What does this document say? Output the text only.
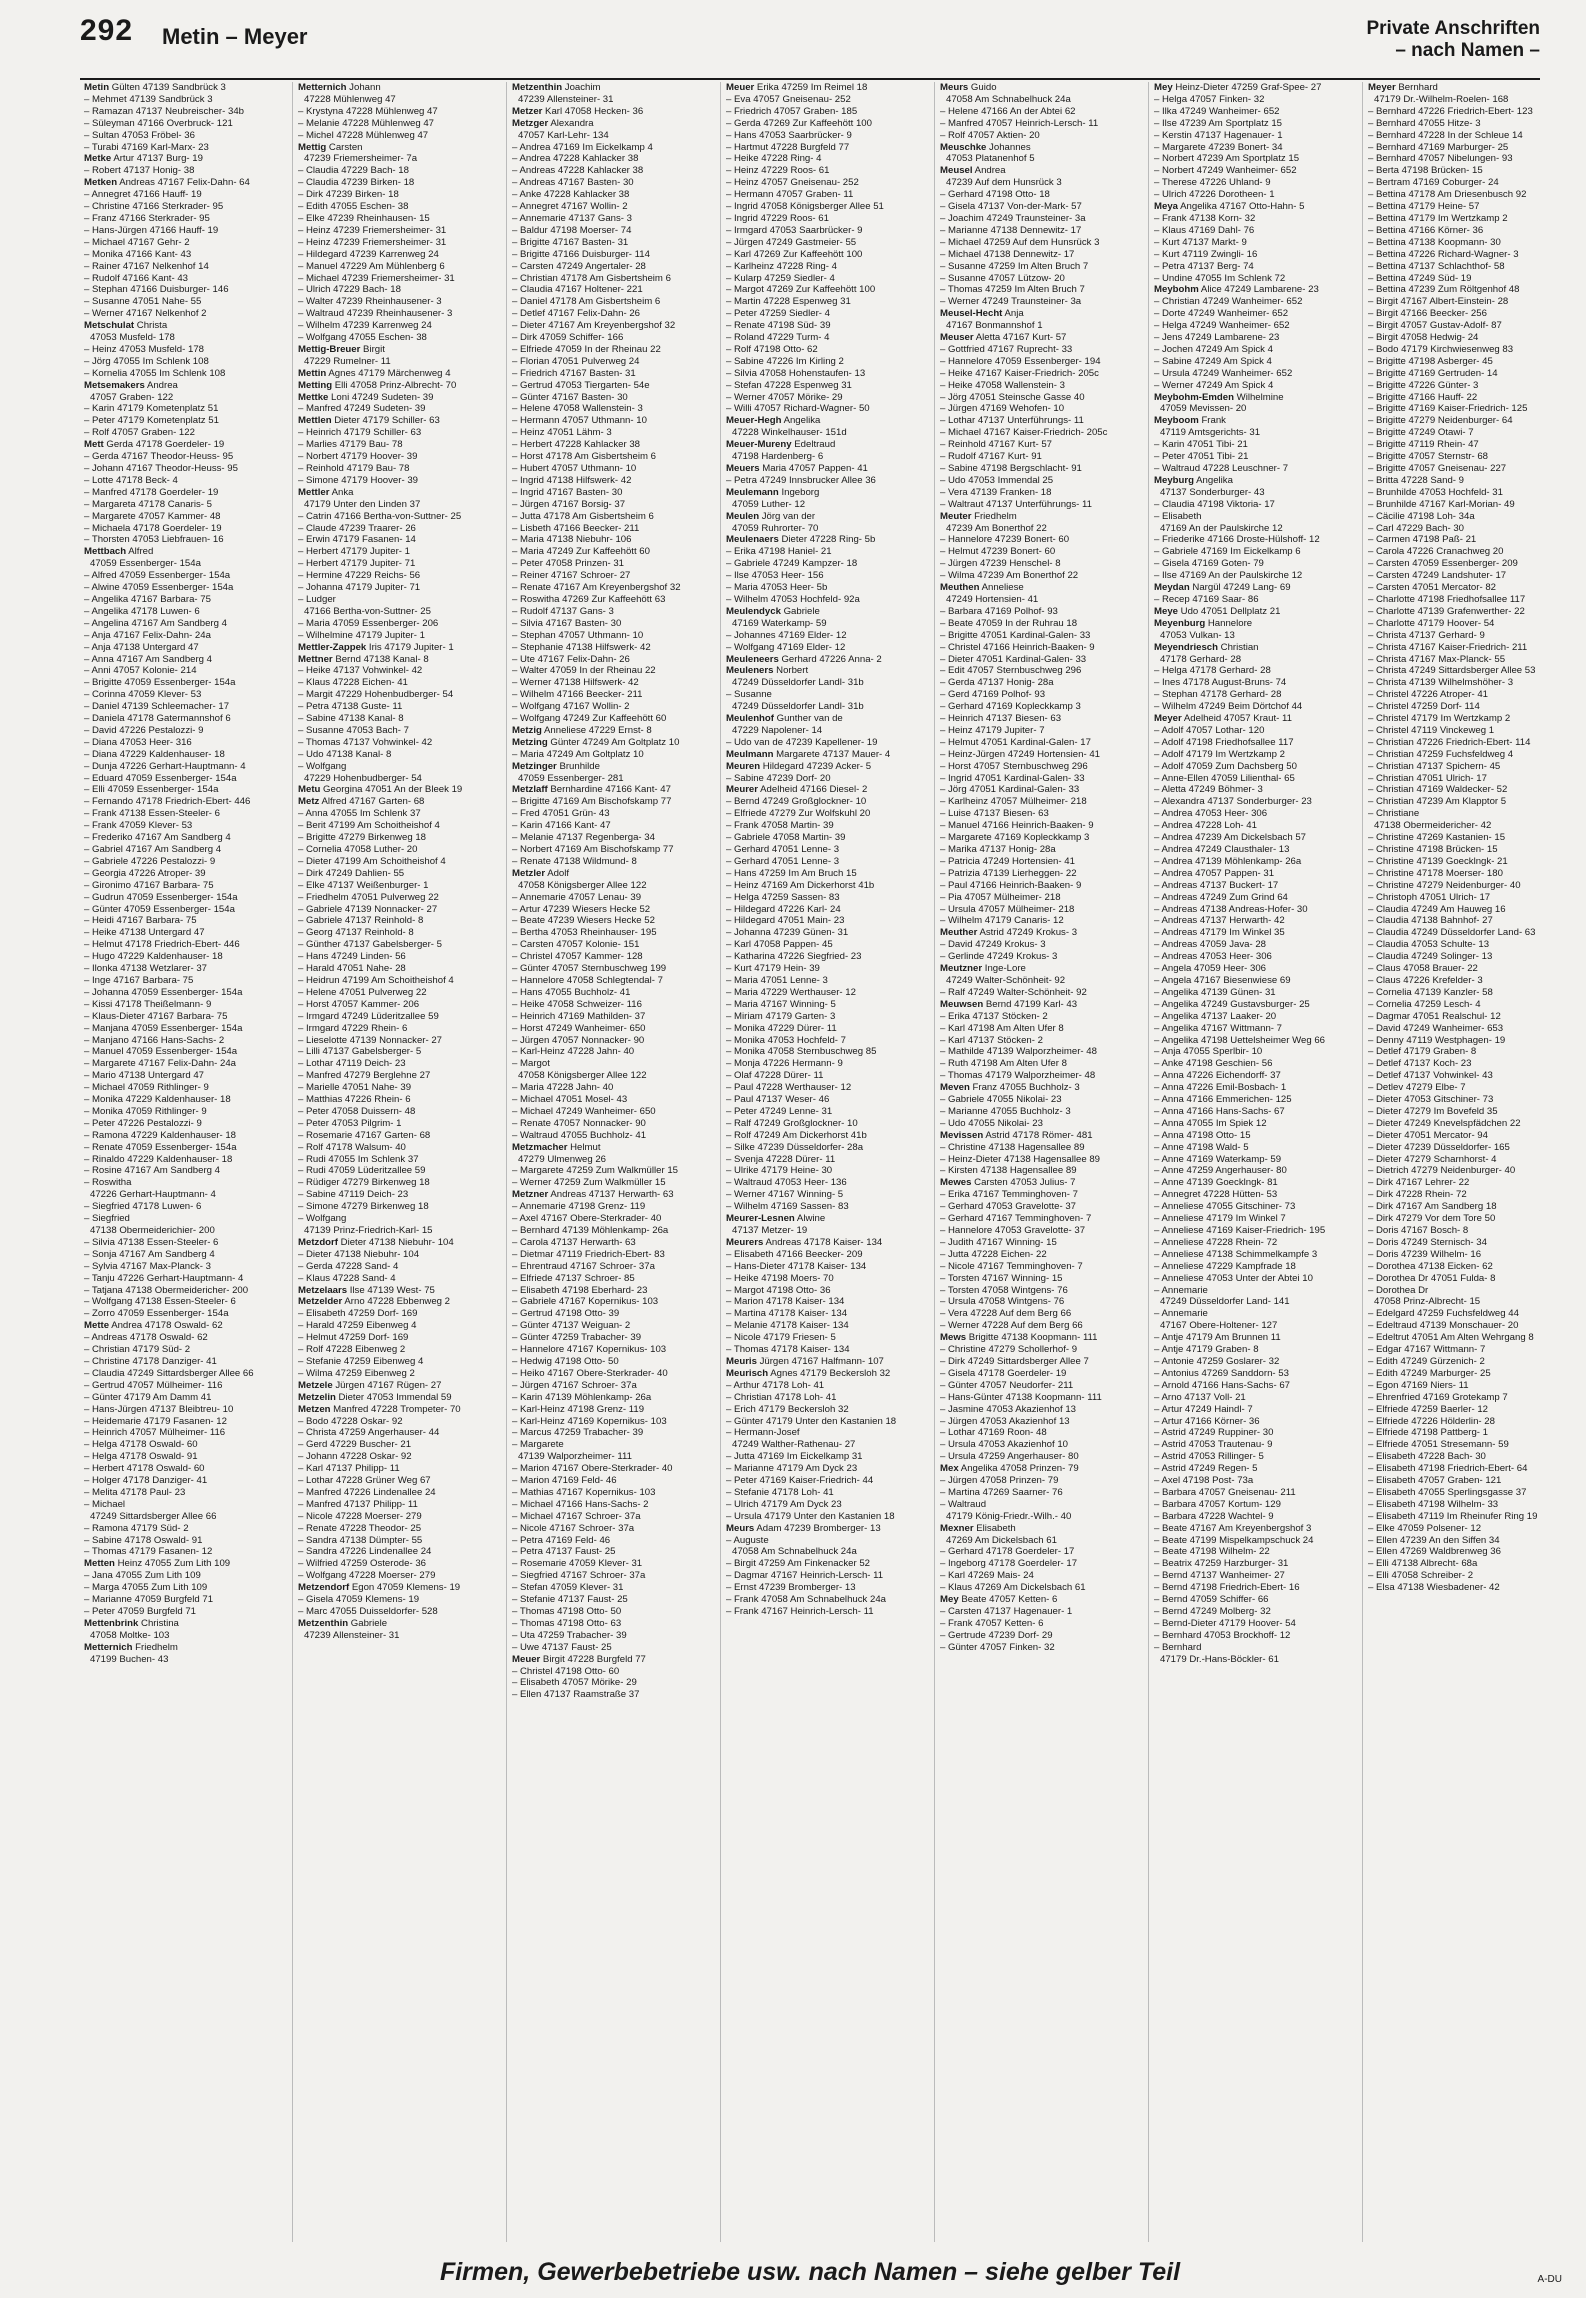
292 Metin – Meyer	Private Anschriften
– nach Namen –
Metin Gülten 47139 Sandbrück 3
– Mehmet 47139 Sandbrück 3
– Ramazan 47137 Neubreischer- 34b
– Süleyman 47166 Overbruck- 121
– Sultan 47053 Fröbel- 36
– Turabi 47169 Karl-Marx- 23
Metke Artur 47137 Burg- 19
– Robert 47137 Honig- 38
Metken Andreas 47167 Felix-Dahn- 64
– Annegret 47166 Hauff- 19
– Christine 47166 Sterkrader- 95
– Franz 47166 Sterkrader- 95
– Hans-Jürgen 47166 Hauff- 19
– Michael 47167 Gehr- 2
– Monika 47166 Kant- 43
– Rainer 47167 Nelkenhof 14
– Rudolf 47166 Kant- 43
– Stephan 47166 Duisburger- 146
– Susanne 47051 Nahe- 55
– Werner 47167 Nelkenhof 2
Metschulat Christa
47053 Musfeld- 178
– Heinz 47053 Musfeld- 178
– Jörg 47055 Im Schlenk 108
– Kornelia 47055 Im Schlenk 108
Metsemakers Andrea
47057 Graben- 122
– Karin 47179 Kometenplatz 51
– Peter 47179 Kometenplatz 51
– Rolf 47057 Graben- 122
Mett Gerda 47178 Goerdeler- 19
– Gerda 47167 Theodor-Heuss- 95
– Johann 47167 Theodor-Heuss- 95
– Lotte 47178 Beck- 4
– Manfred 47178 Goerdeler- 19
– Margareta 47178 Canaris- 5
– Margarete 47057 Kammer- 48
– Michaela 47178 Goerdeler- 19
– Thorsten 47053 Liebfrauen- 16
Mettbach Alfred
47059 Essenberger- 154a
– Alfred 47059 Essenberger- 154a
– Alwine 47059 Essenberger- 154a
– Angelika 47167 Barbara- 75
– Angelika 47178 Luwen- 6
– Angelina 47167 Am Sandberg 4
– Anja 47167 Felix-Dahn- 24a
– Anja 47138 Untergard 47
– Anna 47167 Am Sandberg 4
– Anni 47057 Kolonie- 214
– Brigitte 47059 Essenberger- 154a
– Corinna 47059 Klever- 53
– Daniel 47139 Schleemacher- 17
– Daniela 47178 Gatermannshof 6
– David 47226 Pestalozzi- 9
– Diana 47053 Heer- 316
– Diana 47229 Kaldenhauser- 18
– Dunja 47226 Gerhart-Hauptmann- 4
– Eduard 47059 Essenberger- 154a
– Elli 47059 Essenberger- 154a
– Fernando 47178 Friedrich-Ebert- 446
– Frank 47138 Essen-Steeler- 6
– Frank 47059 Klever- 53
– Frederiko 47167 Am Sandberg 4
– Gabriel 47167 Am Sandberg 4
– Gabriele 47226 Pestalozzi- 9
– Georgia 47226 Atroper- 39
– Gironimo 47167 Barbara- 75
– Gudrun 47059 Essenberger- 154a
– Günter 47059 Essenberger- 154a
– Heidi 47167 Barbara- 75
– Heike 47138 Untergard 47
– Helmut 47178 Friedrich-Ebert- 446
– Hugo 47229 Kaldenhauser- 18
– Ilonka 47138 Wetzlarer- 37
– Inge 47167 Barbara- 75
– Johanna 47059 Essenberger- 154a
– Kissi 47178 Theißelmann- 9
– Klaus-Dieter 47167 Barbara- 75
– Manjana 47059 Essenberger- 154a
– Manjano 47166 Hans-Sachs- 2
– Manuel 47059 Essenberger- 154a
– Margarete 47167 Felix-Dahn- 24a
– Mario 47138 Untergard 47
– Michael 47059 Rithlinger- 9
– Monika 47229 Kaldenhauser- 18
– Monika 47059 Rithlinger- 9
– Peter 47226 Pestalozzi- 9
– Ramona 47229 Kaldenhauser- 18
– Renate 47059 Essenberger- 154a
– Rinaldo 47229 Kaldenhauser- 18
– Rosine 47167 Am Sandberg 4
– Roswitha
47226 Gerhart-Hauptmann- 4
– Siegfried 47178 Luwen- 6
– Siegfried
47138 Obermeiderichier- 200
– Silvia 47138 Essen-Steeler- 6
– Sonja 47167 Am Sandberg 4
– Sylvia 47167 Max-Planck- 3
– Tanju 47226 Gerhart-Hauptmann- 4
– Tatjana 47138 Obermeidericher- 200
– Wolfgang 47138 Essen-Steeler- 6
– Zorro 47059 Essenberger- 154a
Mette Andrea 47178 Oswald- 62
– Andreas 47178 Oswald- 62
– Christian 47179 Süd- 2
– Christine 47178 Danziger- 41
– Claudia 47249 Sittardsberger Allee 66
– Gertrud 47057 Mülheimer- 116
– Günter 47179 Am Damm 41
– Hans-Jürgen 47137 Bleibtreu- 10
– Heidemarie 47179 Fasanen- 12
– Heinrich 47057 Mülheimer- 116
– Helga 47178 Oswald- 60
– Helga 47178 Oswald- 91
– Herbert 47178 Oswald- 60
– Holger 47178 Danziger- 41
– Melita 47178 Paul- 23
– Michael
47249 Sittardsberger Allee 66
– Ramona 47179 Süd- 2
– Sabine 47178 Oswald- 91
– Thomas 47179 Fasanen- 12
Metten Heinz 47055 Zum Lith 109
– Jana 47055 Zum Lith 109
– Marga 47055 Zum Lith 109
– Marianne 47059 Burgfeld 71
– Peter 47059 Burgfeld 71
Mettenbrink Christina
47058 Moltke- 103
Metternich Friedhelm
47199 Buchen- 43
Metternich Johann
47228 Mühlenweg 47
– Krystyna 47228 Mühlenweg 47
– Melanie 47228 Mühlenweg 47
– Michel 47228 Mühlenweg 47
Mettig Carsten
47239 Friemersheimer- 7a
– Claudia 47229 Bach- 18
– Claudia 47239 Birken- 18
– Dirk 47239 Birken- 18
– Edith 47055 Eschen- 38
– Elke 47239 Rheinhausen- 15
– Heinz 47239 Friemersheimer- 31
– Heinz 47239 Friemersheimer- 31
– Hildegard 47239 Karrenweg 24
– Manuel 47229 Am Mühlenberg 6
– Michael 47239 Friemersheimer- 31
– Ulrich 47229 Bach- 18
– Walter 47239 Rheinhausener- 3
– Waltraud 47239 Rheinhausener- 3
– Wilhelm 47239 Karrenweg 24
– Wolfgang 47055 Eschen- 38
Mettig-Breuer Birgit
47229 Rumelner- 11
Mettin Agnes 47179 Märchenweg 4
Metting Elli 47058 Prinz-Albrecht- 70
Mettke Loni 47249 Sudeten- 39
– Manfred 47249 Sudeten- 39
Mettlen Dieter 47179 Schiller- 63
– Heinrich 47179 Schiller- 63
– Marlies 47179 Bau- 78
– Norbert 47179 Hoover- 39
– Reinhold 47179 Bau- 78
– Simone 47179 Hoover- 39
Mettler Anka
47179 Unter den Linden 37
– Catrin 47166 Bertha-von-Suttner- 25
– Claude 47239 Traarer- 26
– Erwin 47179 Fasanen- 14
– Herbert 47179 Jupiter- 1
– Herbert 47179 Jupiter- 71
– Hermine 47229 Reichs- 56
– Johanna 47179 Jupiter- 71
– Ludger
47166 Bertha-von-Suttner- 25
– Maria 47059 Essenberger- 206
– Wilhelmine 47179 Jupiter- 1
Mettler-Zappek Iris 47179 Jupiter- 1
Mettner Bernd 47138 Kanal- 8
– Heike 47137 Vohwinkel- 42
– Klaus 47228 Eichen- 41
– Margit 47229 Hohenbudberger- 54
– Petra 47138 Guste- 11
– Sabine 47138 Kanal- 8
– Susanne 47053 Bach- 7
– Thomas 47137 Vohwinkel- 42
– Udo 47138 Kanal- 8
– Wolfgang
47229 Hohenbudberger- 54
Metu Georgina 47051 An der Bleek 19
Metz Alfred 47167 Garten- 68
– Anna 47055 Im Schlenk 37
– Berit 47199 Am Schoitheishof 4
– Brigitte 47279 Birkenweg 18
– Cornelia 47058 Luther- 20
– Dieter 47199 Am Schoitheishof 4
– Dirk 47249 Dahlien- 55
– Elke 47137 Weißenburger- 1
– Friedhelm 47051 Pulverweg 22
– Gabriele 47139 Nonnacker- 27
– Gabriele 47137 Reinhold- 8
– Georg 47137 Reinhold- 8
– Günther 47137 Gabelsberger- 5
– Hans 47249 Linden- 56
– Harald 47051 Nahe- 28
– Heidrun 47199 Am Schoitheishof 4
– Helene 47051 Pulverweg 22
– Horst 47057 Kammer- 206
– Irmgard 47249 Lüderitzallee 59
– Irmgard 47229 Rhein- 6
– Lieselotte 47139 Nonnacker- 27
– Lilli 47137 Gabelsberger- 5
– Lothar 47119 Deich- 23
– Manfred 47279 Berglehne 27
– Marielle 47051 Nahe- 39
– Matthias 47226 Rhein- 6
– Peter 47058 Duissern- 48
– Peter 47053 Pilgrim- 1
– Rosemarie 47167 Garten- 68
– Rolf 47178 Walsum- 40
– Rudi 47055 Im Schlenk 37
– Rudi 47059 Lüderitzallee 59
– Rüdiger 47279 Birkenweg 18
– Sabine 47119 Deich- 23
– Simone 47279 Birkenweg 18
– Wolfgang
47139 Prinz-Friedrich-Karl- 15
Metzdorf Dieter 47138 Niebuhr- 104
– Dieter 47138 Niebuhr- 104
– Gerda 47228 Sand- 4
– Klaus 47228 Sand- 4
Metzelaars Ilse 47139 West- 75
Metzelder Arno 47228 Ebbenweg 2
– Elisabeth 47259 Dorf- 169
– Harald 47259 Eibenweg 4
– Helmut 47259 Dorf- 169
– Rolf 47228 Eibenweg 2
– Stefanie 47259 Eibenweg 4
– Wilma 47259 Eibenweg 2
Metzele Jürgen 47167 Rügen- 27
Metzelin Dieter 47053 Immendal 59
Metzen Manfred 47228 Trompeter- 70
– Bodo 47228 Oskar- 92
– Christa 47259 Angerhauser- 44
– Gerd 47229 Buscher- 21
– Johann 47228 Oskar- 92
– Karl 47137 Philipp- 11
– Lothar 47228 Grüner Weg 67
– Manfred 47226 Lindenallee 24
– Manfred 47137 Philipp- 11
– Nicole 47228 Moerser- 279
– Renate 47228 Theodor- 25
– Sandra 47138 Dümpter- 55
– Sandra 47226 Lindenallee 24
– Wilfried 47259 Osterode- 36
– Wolfgang 47228 Moerser- 279
Metzendorf Egon 47059 Klemens- 19
– Gisela 47059 Klemens- 19
– Marc 47055 Duisseldorfer- 528
Metzenthin Gabriele
47239 Allensteiner- 31
Metzenthin Joachim
47239 Allensteiner- 31
Metzer Karl 47058 Hecken- 36
Metzger Alexandra
47057 Karl-Lehr- 134
– Andrea 47169 Im Eickelkamp 4
– Andrea 47228 Kahlacker 38
– Andreas 47228 Kahlacker 38
– Andreas 47167 Basten- 30
– Anke 47228 Kahlacker 38
– Annegret 47167 Wollin- 2
– Annemarie 47137 Gans- 3
– Baldur 47198 Moerser- 74
– Brigitte 47167 Basten- 31
– Brigitte 47166 Duisburger- 114
– Carsten 47249 Angertaler- 28
– Christian 47178 Am Gisbertsheim 6
– Claudia 47167 Holtener- 221
– Daniel 47178 Am Gisbertsheim 6
– Detlef 47167 Felix-Dahn- 26
– Dieter 47167 Am Kreyenbergshof 32
– Dirk 47059 Schiffer- 166
– Elfriede 47059 In der Rheinau 22
– Florian 47051 Pulverweg 24
– Friedrich 47167 Basten- 31
– Gertrud 47053 Tiergarten- 54e
– Günter 47167 Basten- 30
– Helene 47058 Wallenstein- 3
– Hermann 47057 Uthmann- 10
– Heinz 47051 Lähm- 3
– Herbert 47228 Kahlacker 38
– Horst 47178 Am Gisbertsheim 6
– Hubert 47057 Uthmann- 10
– Ingrid 47138 Hilfswerk- 42
– Ingrid 47167 Basten- 30
– Jürgen 47167 Borsig- 37
– Jutta 47178 Am Gisbertsheim 6
– Lisbeth 47166 Beecker- 211
– Maria 47138 Niebuhr- 106
– Maria 47249 Zur Kaffeehött 60
– Peter 47058 Prinzen- 31
– Reiner 47167 Schroer- 27
– Renate 47167 Am Kreyenbergshof 32
– Roswitha 47269 Zur Kaffeehött 63
– Rudolf 47137 Gans- 3
– Silvia 47167 Basten- 30
– Stephan 47057 Uthmann- 10
– Stephanie 47138 Hilfswerk- 42
– Ute 47167 Felix-Dahn- 26
– Walter 47059 In der Rheinau 22
– Werner 47138 Hilfswerk- 42
– Wilhelm 47166 Beecker- 211
– Wolfgang 47167 Wollin- 2
– Wolfgang 47249 Zur Kaffeehött 60
Metzig Anneliese 47229 Ernst- 8
Metzing Günter 47249 Am Goltplatz 10
– Maria 47249 Am Goltplatz 10
Metzinger Brunhilde
47059 Essenberger- 281
Metzlaff Bernhardine 47166 Kant- 47
– Brigitte 47169 Am Bischofskamp 77
– Fred 47051 Grün- 43
– Karin 47166 Kant- 47
– Melanie 47137 Regenberga- 34
– Norbert 47169 Am Bischofskamp 77
– Renate 47138 Wildmund- 8
Metzler Adolf
47058 Königsberger Allee 122
– Annemarie 47057 Lenau- 39
– Artur 47239 Wiesers Hecke 52
– Beate 47239 Wiesers Hecke 52
– Bertha 47053 Rheinhauser- 195
– Carsten 47057 Kolonie- 151
– Christel 47057 Kammer- 128
– Günter 47057 Sternbuschweg 199
– Hannelore 47058 Schlegtendal- 7
– Hans 47055 Buchholz- 41
– Heike 47058 Schweizer- 116
– Heinrich 47169 Mathilden- 37
– Horst 47249 Wanheimer- 650
– Jürgen 47057 Nonnacker- 90
– Karl-Heinz 47228 Jahn- 40
– Margot
47058 Königsberger Allee 122
– Maria 47228 Jahn- 40
– Michael 47051 Mosel- 43
– Michael 47249 Wanheimer- 650
– Renate 47057 Nonnacker- 90
– Waltraud 47055 Buchholz- 41
Metzmacher Helmut
47279 Ulmenweg 26
– Margarete 47259 Zum Walkmüller 15
– Werner 47259 Zum Walkmüller 15
Metzner Andreas 47137 Herwarth- 63
– Annemarie 47198 Grenz- 119
– Axel 47167 Obere-Sterkrader- 40
– Bernhard 47139 Möhlenkamp- 26a
– Carola 47137 Herwarth- 63
– Dietmar 47119 Friedrich-Ebert- 83
– Ehrentraud 47167 Schroer- 37a
– Elfriede 47137 Schroer- 85
– Elisabeth 47198 Eberhard- 23
– Gabriele 47167 Kopernikus- 103
– Gertrud 47198 Otto- 39
– Günter 47137 Weiguan- 2
– Günter 47259 Trabacher- 39
– Hannelore 47167 Kopernikus- 103
– Hedwig 47198 Otto- 50
– Heiko 47167 Obere-Sterkrader- 40
– Jürgen 47167 Schroer- 37a
– Karin 47139 Möhlenkamp- 26a
– Karl-Heinz 47198 Grenz- 119
– Karl-Heinz 47169 Kopernikus- 103
– Marcus 47259 Trabacher- 39
– Margarete
47139 Walporzheimer- 111
– Marion 47167 Obere-Sterkrader- 40
– Marion 47169 Feld- 46
– Mathias 47167 Kopernikus- 103
– Michael 47166 Hans-Sachs- 2
– Michael 47167 Schroer- 37a
– Nicole 47167 Schroer- 37a
– Petra 47169 Feld- 46
– Petra 47137 Faust- 25
– Rosemarie 47059 Klever- 31
– Siegfried 47167 Schroer- 37a
– Stefan 47059 Klever- 31
– Stefanie 47137 Faust- 25
– Thomas 47198 Otto- 50
– Thomas 47198 Otto- 63
– Uta 47259 Trabacher- 39
– Uwe 47137 Faust- 25
Meuer Birgit 47228 Burgfeld 77
– Christel 47198 Otto- 60
– Elisabeth 47057 Mörike- 29
– Ellen 47137 Raamstraße 37
Meuer Erika 47259 Im Reimel 18
– Eva 47057 Gneisenau- 252
– Friedrich 47057 Graben- 185
– Gerda 47269 Zur Kaffeehött 100
– Hans 47053 Saarbrücker- 9
– Hartmut 47228 Burgfeld 77
– Heike 47228 Ring- 4
– Heinz 47229 Roos- 61
– Heinz 47057 Gneisenau- 252
– Hermann 47057 Graben- 11
– Ingrid 47058 Königsberger Allee 51
– Ingrid 47229 Roos- 61
– Irmgard 47053 Saarbrücker- 9
– Jürgen 47249 Gastmeier- 55
– Karl 47269 Zur Kaffeehött 100
– Karlheinz 47228 Ring- 4
– Kularp 47259 Siedler- 4
– Margot 47269 Zur Kaffeehött 100
– Martin 47228 Espenweg 31
– Peter 47259 Siedler- 4
– Renate 47198 Süd- 39
– Roland 47229 Turm- 4
– Rolf 47198 Otto- 62
– Sabine 47226 Im Kirling 2
– Silvia 47058 Hohenstaufen- 13
– Stefan 47228 Espenweg 31
– Werner 47057 Mörike- 29
– Willi 47057 Richard-Wagner- 50
Meuer-Hegh Angelika
47228 Winkelhauser- 151d
Meuer-Mureny Edeltraud
47198 Hardenberg- 6
Meuers Maria 47057 Pappen- 41
– Petra 47249 Innsbrucker Allee 36
Meulemann Ingeborg
47059 Luther- 12
Meulen Jörg van der
47059 Ruhrorter- 70
Meulenaers Dieter 47228 Ring- 5b
– Erika 47198 Haniel- 21
– Gabriele 47249 Kampzer- 18
– Ilse 47053 Heer- 156
– Maria 47053 Heer- 5b
– Wilhelm 47053 Hochfeld- 92a
Meulendyck Gabriele
47169 Waterkamp- 59
– Johannes 47169 Elder- 12
– Wolfgang 47169 Elder- 12
Meuleneers Gerhard 47226 Anna- 2
Meuleners Norbert
47249 Düsseldorfer Landl- 31b
– Susanne
47249 Düsseldorfer Landl- 31b
Meulenhof Gunther van de
47229 Napolener- 14
– Udo van de 47239 Kapellener- 19
Meulmann Margarete 47137 Mauer- 4
Meuren Hildegard 47239 Acker- 5
– Sabine 47239 Dorf- 20
Meurer Adelheid 47166 Diesel- 2
– Bernd 47249 Großglockner- 10
– Elfriede 47279 Zur Wolfskuhl 20
– Frank 47058 Martin- 39
– Gabriele 47058 Martin- 39
– Gerhard 47051 Lenne- 3
– Gerhard 47051 Lenne- 3
– Hans 47259 Im Am Bruch 15
– Heinz 47169 Am Dickerhorst 41b
– Helga 47259 Sassen- 83
– Hildegard 47226 Karl- 24
– Hildegard 47051 Main- 23
– Johanna 47239 Günen- 31
– Karl 47058 Pappen- 45
– Katharina 47226 Siegfried- 23
– Kurt 47179 Hein- 39
– Maria 47051 Lenne- 3
– Maria 47229 Werthauser- 12
– Maria 47167 Winning- 5
– Miriam 47179 Garten- 3
– Monika 47229 Dürer- 11
– Monika 47053 Hochfeld- 7
– Monika 47058 Sternbuschweg 85
– Monja 47226 Hermann- 9
– Olaf 47228 Dürer- 11
– Paul 47228 Werthauser- 12
– Paul 47137 Weser- 46
– Peter 47249 Lenne- 31
– Ralf 47249 Großglockner- 10
– Rolf 47249 Am Dickerhorst 41b
– Silke 47239 Düsseldorfer- 28a
– Svenja 47228 Dürer- 11
– Ulrike 47179 Heine- 30
– Waltraud 47053 Heer- 136
– Werner 47167 Winning- 5
– Wilhelm 47169 Sassen- 83
Meurer-Lesnen Alwine
47137 Metzer- 19
Meurers Andreas 47178 Kaiser- 134
– Elisabeth 47166 Beecker- 209
– Hans-Dieter 47178 Kaiser- 134
– Heike 47198 Moers- 70
– Margot 47198 Otto- 36
– Marion 47178 Kaiser- 134
– Martina 47178 Kaiser- 134
– Melanie 47178 Kaiser- 134
– Nicole 47179 Friesen- 5
– Thomas 47178 Kaiser- 134
Meuris Jürgen 47167 Halfmann- 107
Meurisch Agnes 47179 Beckersloh 32
– Arthur 47178 Loh- 41
– Christian 47178 Loh- 41
– Erich 47179 Beckersloh 32
– Günter 47179 Unter den Kastanien 18
– Hermann-Josef
47249 Walther-Rathenau- 27
– Jutta 47169 Im Eickelkamp 31
– Marianne 47179 Am Dyck 23
– Peter 47169 Kaiser-Friedrich- 44
– Stefanie 47178 Loh- 41
– Ulrich 47179 Am Dyck 23
– Ursula 47179 Unter den Kastanien 18
Meurs Adam 47239 Bromberger- 13
– Auguste
47058 Am Schnabelhuck 24a
– Birgit 47259 Am Finkenacker 52
– Dagmar 47167 Heinrich-Lersch- 11
– Ernst 47239 Bromberger- 13
– Frank 47058 Am Schnabelhuck 24a
– Frank 47167 Heinrich-Lersch- 11
Meurs Guido
47058 Am Schnabelhuck 24a
– Helene 47166 An der Abtei 62
– Manfred 47057 Heinrich-Lersch- 11
– Rolf 47057 Aktien- 20
Meuschke Johannes
47053 Platanenhof 5
Meusel Andrea
47239 Auf dem Hunsrück 3
– Gerhard 47198 Otto- 18
– Gisela 47137 Von-der-Mark- 57
– Joachim 47249 Traunsteiner- 3a
– Marianne 47138 Dennewitz- 17
– Michael 47259 Auf dem Hunsrück 3
– Michael 47138 Dennewitz- 17
– Susanne 47259 Im Alten Bruch 7
– Susanne 47057 Lützow- 20
– Thomas 47259 Im Alten Bruch 7
– Werner 47249 Traunsteiner- 3a
Meusel-Hecht Anja
47167 Bonmannshof 1
Meuser Aletta 47167 Kurt- 57
– Gottfried 47167 Ruprecht- 33
– Hannelore 47059 Essenberger- 194
– Heike 47167 Kaiser-Friedrich- 205c
– Heike 47058 Wallenstein- 3
– Jörg 47051 Steinsche Gasse 40
– Jürgen 47169 Wehofen- 10
– Lothar 47137 Unterführungs- 11
– Michael 47167 Kaiser-Friedrich- 205c
– Reinhold 47167 Kurt- 57
– Rudolf 47167 Kurt- 91
– Sabine 47198 Bergschlacht- 91
– Udo 47053 Immendal 25
– Vera 47139 Franken- 18
– Waltraut 47137 Unterführungs- 11
Meuter Friedhelm
47239 Am Bonerthof 22
– Hannelore 47239 Bonert- 60
– Helmut 47239 Bonert- 60
– Jürgen 47239 Henschel- 8
– Wilma 47239 Am Bonerthof 22
Meuthen Anneliese
47249 Hortensien- 41
– Barbara 47169 Polhof- 93
– Beate 47059 In der Ruhrau 18
– Brigitte 47051 Kardinal-Galen- 33
– Christel 47166 Heinrich-Baaken- 9
– Dieter 47051 Kardinal-Galen- 33
– Edit 47057 Sternbuschweg 296
– Gerda 47137 Honig- 28a
– Gerd 47169 Polhof- 93
– Gerhard 47169 Kopleckkamp 3
– Heinrich 47137 Biesen- 63
– Heinz 47179 Jupiter- 7
– Helmut 47051 Kardinal-Galen- 17
– Heinz-Jürgen 47249 Hortensien- 41
– Horst 47057 Sternbuschweg 296
– Ingrid 47051 Kardinal-Galen- 33
– Jörg 47051 Kardinal-Galen- 33
– Karlheinz 47057 Mülheimer- 218
– Luise 47137 Biesen- 63
– Manuel 47166 Heinrich-Baaken- 9
– Margarete 47169 Kopleckkamp 3
– Marika 47137 Honig- 28a
– Patricia 47249 Hortensien- 41
– Patrizia 47139 Lierheggen- 22
– Paul 47166 Heinrich-Baaken- 9
– Pia 47057 Mülheimer- 218
– Ursula 47057 Mülheimer- 218
– Wilhelm 47179 Canaris- 12
Meuther Astrid 47249 Krokus- 3
– David 47249 Krokus- 3
– Gerlinde 47249 Krokus- 3
Meutzner Inge-Lore
47249 Walter-Schönheit- 92
– Ralf 47249 Walter-Schönheit- 92
Meuwsen Bernd 47199 Karl- 43
– Erika 47137 Stöcken- 2
– Karl 47198 Am Alten Ufer 8
– Karl 47137 Stöcken- 2
– Mathilde 47139 Walporzheimer- 48
– Ruth 47198 Am Alten Ufer 8
– Thomas 47179 Walporzheimer- 48
Meven Franz 47055 Buchholz- 3
– Gabriele 47055 Nikolai- 23
– Marianne 47055 Buchholz- 3
– Udo 47055 Nikolai- 23
Mevissen Astrid 47178 Römer- 481
– Christine 47138 Hagensallee 89
– Heinz-Dieter 47138 Hagensallee 89
– Kirsten 47138 Hagensallee 89
Mewes Carsten 47053 Julius- 7
– Erika 47167 Temminghoven- 7
– Gerhard 47053 Gravelotte- 37
– Gerhard 47167 Temminghoven- 7
– Hannelore 47053 Gravelotte- 37
– Judith 47167 Winning- 15
– Jutta 47228 Eichen- 22
– Nicole 47167 Temminghoven- 7
– Torsten 47167 Winning- 15
– Torsten 47058 Wintgens- 76
– Ursula 47058 Wintgens- 76
– Vera 47228 Auf dem Berg 66
– Werner 47228 Auf dem Berg 66
Mews Brigitte 47138 Koopmann- 111
– Christine 47279 Schollerhof- 9
– Dirk 47249 Sittardsberger Allee 7
– Gisela 47178 Goerdeler- 19
– Günter 47057 Neudorfer- 211
– Hans-Günter 47138 Koopmann- 111
– Jasmine 47053 Akazienhof 13
– Jürgen 47053 Akazienhof 13
– Lothar 47169 Roon- 48
– Ursula 47053 Akazienhof 10
– Ursula 47259 Angerhauser- 80
Mex Angelika 47058 Prinzen- 79
– Jürgen 47058 Prinzen- 79
– Martina 47269 Saarner- 76
– Waltraud
47179 König-Friedr.-Wilh.- 40
Mexner Elisabeth
47269 Am Dickelsbach 61
– Gerhard 47178 Goerdeler- 17
– Ingeborg 47178 Goerdeler- 17
– Karl 47269 Mais- 24
– Klaus 47269 Am Dickelsbach 61
Mey Beate 47057 Ketten- 6
– Carsten 47137 Hagenauer- 1
– Frank 47057 Ketten- 6
– Gertrude 47239 Dorf- 29
– Günter 47057 Finken- 32
Mey Heinz-Dieter 47259 Graf-Spee- 27
– Helga 47057 Finken- 32
– Ilka 47249 Wanheimer- 652
– Ilse 47239 Am Sportplatz 15
– Kerstin 47137 Hagenauer- 1
– Margarete 47239 Bonert- 34
– Norbert 47239 Am Sportplatz 15
– Norbert 47249 Wanheimer- 652
– Therese 47226 Uhland- 9
– Ulrich 47226 Dorotheen- 1
Meya Angelika 47167 Otto-Hahn- 5
– Frank 47138 Korn- 32
– Klaus 47169 Dahl- 76
– Kurt 47137 Markt- 9
– Kurt 47119 Zwingli- 16
– Petra 47137 Berg- 74
– Undine 47055 Im Schlenk 72
Meybohm Alice 47249 Lambarene- 23
– Christian 47249 Wanheimer- 652
– Dorte 47249 Wanheimer- 652
– Helga 47249 Wanheimer- 652
– Jens 47249 Lambarene- 23
– Jochen 47249 Am Spick 4
– Sabine 47249 Am Spick 4
– Ursula 47249 Wanheimer- 652
– Werner 47249 Am Spick 4
Meybohm-Emden Wilhelmine
47059 Mevissen- 20
Meyboom Frank
47119 Amtsgerichts- 31
– Karin 47051 Tibi- 21
– Peter 47051 Tibi- 21
– Waltraud 47228 Leuschner- 7
Meyburg Angelika
47137 Sonderburger- 43
– Claudia 47198 Viktoria- 17
– Elisabeth
47169 An der Paulskirche 12
– Friederike 47166 Droste-Hülshoff- 12
– Gabriele 47169 Im Eickelkamp 6
– Gisela 47169 Goten- 79
– Ilse 47169 An der Paulskirche 12
Meydan Nargül 47249 Lang- 69
– Recep 47169 Saar- 86
Meye Udo 47051 Dellplatz 21
Meyenburg Hannelore
47053 Vulkan- 13
Meyendriesch Christian
47178 Gerhard- 28
– Helga 47178 Gerhard- 28
– Ines 47178 August-Bruns- 74
– Stephan 47178 Gerhard- 28
– Wilhelm 47249 Beim Dörtchof 44
Meyer Adelheid 47057 Kraut- 11
– Adolf 47057 Lothar- 120
– Adolf 47198 Friedhofsallee 117
– Adolf 47179 Im Wertzkamp 2
– Adolf 47059 Zum Dachsberg 50
– Anne-Ellen 47059 Lilienthal- 65
– Aletta 47249 Böhmer- 3
– Alexandra 47137 Sonderburger- 23
– Andrea 47053 Heer- 306
– Andrea 47228 Loh- 41
– Andrea 47239 Am Dickelsbach 57
– Andrea 47249 Clausthaler- 13
– Andrea 47139 Möhlenkamp- 26a
– Andrea 47057 Pappen- 31
– Andreas 47137 Buckert- 17
– Andreas 47249 Zum Grind 64
– Andreas 47138 Andreas-Hofer- 30
– Andreas 47137 Herwarth- 42
– Andreas 47179 Im Winkel 35
– Andreas 47059 Java- 28
– Andreas 47053 Heer- 306
– Angela 47059 Heer- 306
– Angela 47167 Biesenwiese 69
– Angelika 47139 Günen- 31
– Angelika 47249 Gustavsburger- 25
– Angelika 47137 Laaker- 20
– Angelika 47167 Wittmann- 7
– Angelika 47198 Uettelsheimer Weg 66
– Anja 47055 Sperlbir- 10
– Anke 47198 Geschien- 56
– Anna 47226 Eichendorff- 37
– Anna 47226 Emil-Bosbach- 1
– Anna 47166 Emmerichen- 125
– Anna 47166 Hans-Sachs- 67
– Anna 47055 Im Spiek 12
– Anna 47198 Otto- 15
– Anne 47198 Wald- 5
– Anne 47169 Waterkamp- 59
– Anne 47259 Angerhauser- 80
– Anne 47139 Goecklngk- 81
– Annegret 47228 Hütten- 53
– Anneliese 47055 Gitschiner- 73
– Anneliese 47179 Im Winkel 7
– Anneliese 47169 Kaiser-Friedrich- 195
– Anneliese 47228 Rhein- 72
– Anneliese 47138 Schimmelkampfe 3
– Anneliese 47229 Kampfrade 18
– Anneliese 47053 Unter der Abtei 10
– Annemarie
47249 Düsseldorfer Land- 141
– Annemarie
47167 Obere-Holtener- 127
– Antje 47179 Am Brunnen 11
– Antje 47179 Graben- 8
– Antonie 47259 Goslarer- 32
– Antonius 47269 Sanddorn- 53
– Arnold 47166 Hans-Sachs- 67
– Arno 47137 Voll- 21
– Artur 47249 Haindl- 7
– Artur 47166 Körner- 36
– Astrid 47249 Ruppiner- 30
– Astrid 47053 Trautenau- 9
– Astrid 47053 Rillinger- 5
– Astrid 47249 Regen- 5
– Axel 47198 Post- 73a
– Barbara 47057 Gneisenau- 211
– Barbara 47057 Kortum- 129
– Barbara 47228 Wachtel- 9
– Beate 47167 Am Kreyenbergshof 3
– Beate 47199 Mispelkampschuck 24
– Beate 47198 Wilhelm- 22
– Beatrix 47259 Harzburger- 31
– Bernd 47137 Wanheimer- 27
– Bernd 47198 Friedrich-Ebert- 16
– Bernd 47059 Schiffer- 66
– Bernd 47249 Molberg- 32
– Bernd-Dieter 47179 Hoover- 54
– Bernhard 47053 Brockhoff- 12
– Bernhard
47179 Dr.-Hans-Böckler- 61
Meyer Bernhard
47179 Dr.-Wilhelm-Roelen- 168
– Bernhard 47226 Friedrich-Ebert- 123
– Bernhard 47055 Hitze- 3
– Bernhard 47228 In der Schleue 14
– Bernhard 47169 Marburger- 25
– Bernhard 47057 Nibelungen- 93
– Berta 47198 Brücken- 15
– Bertram 47169 Coburger- 24
– Bettina 47178 Am Driesenbusch 92
– Bettina 47179 Heine- 57
– Bettina 47179 Im Wertzkamp 2
– Bettina 47166 Körner- 36
– Bettina 47138 Koopmann- 30
– Bettina 47226 Richard-Wagner- 3
– Bettina 47137 Schlachthof- 58
– Bettina 47249 Süd- 19
– Bettina 47239 Zum Röltgenhof 48
– Birgit 47167 Albert-Einstein- 28
– Birgit 47166 Beecker- 256
– Birgit 47057 Gustav-Adolf- 87
– Birgit 47058 Hedwig- 24
– Bodo 47179 Kirchwiesenweg 83
– Brigitte 47198 Asberger- 45
– Brigitte 47169 Gertruden- 14
– Brigitte 47226 Günter- 3
– Brigitte 47166 Hauff- 22
– Brigitte 47169 Kaiser-Friedrich- 125
– Brigitte 47279 Neidenburger- 64
– Brigitte 47249 Otawi- 7
– Brigitte 47119 Rhein- 47
– Brigitte 47057 Sternstr- 68
– Brigitte 47057 Gneisenau- 227
– Britta 47228 Sand- 9
– Brunhilde 47053 Hochfeld- 31
– Brunhilde 47167 Karl-Morian- 49
– Cäcilie 47198 Loh- 34a
– Carl 47229 Bach- 30
– Carmen 47198 Paß- 21
– Carola 47226 Cranachweg 20
– Carsten 47059 Essenberger- 209
– Carsten 47249 Landshuter- 17
– Carsten 47051 Mercator- 82
– Charlotte 47198 Friedhofsallee 117
– Charlotte 47139 Grafenwerther- 22
– Charlotte 47179 Hoover- 54
– Christa 47137 Gerhard- 9
– Christa 47167 Kaiser-Friedrich- 211
– Christa 47167 Max-Planck- 55
– Christa 47249 Sittardsberger Allee 53
– Christa 47139 Wilhelmshöher- 3
– Christel 47226 Atroper- 41
– Christel 47259 Dorf- 114
– Christel 47179 Im Wertzkamp 2
– Christel 47119 Vinckeweg 1
– Christian 47226 Friedrich-Ebert- 114
– Christian 47259 Fuchsfeldweg 4
– Christian 47137 Spichern- 45
– Christian 47051 Ulrich- 17
– Christian 47169 Waldecker- 52
– Christian 47239 Am Klapptor 5
– Christiane
47138 Obermeidericher- 42
– Christine 47269 Kastanien- 15
– Christine 47198 Brücken- 15
– Christine 47139 Goecklngk- 21
– Christine 47178 Moerser- 180
– Christine 47279 Neidenburger- 40
– Christoph 47051 Ulrich- 17
– Claudia 47249 Am Hauweg 16
– Claudia 47138 Bahnhof- 27
– Claudia 47249 Düsseldorfer Land- 63
– Claudia 47053 Schulte- 13
– Claudia 47249 Solinger- 13
– Claus 47058 Brauer- 22
– Claus 47226 Krefelder- 3
– Cornelia 47139 Kanzler- 58
– Cornelia 47259 Lesch- 4
– Dagmar 47051 Realschul- 12
– David 47249 Wanheimer- 653
– Denny 47119 Westphagen- 19
– Detlef 47179 Graben- 8
– Detlef 47137 Koch- 23
– Detlef 47137 Vohwinkel- 43
– Detlev 47279 Elbe- 7
– Dieter 47053 Gitschiner- 73
– Dieter 47279 Im Bovefeld 35
– Dieter 47249 Knevelspfädchen 22
– Dieter 47051 Mercator- 94
– Dieter 47239 Düsseldorfer- 165
– Dieter 47279 Scharnhorst- 4
– Dietrich 47279 Neidenburger- 40
– Dirk 47167 Lehrer- 22
– Dirk 47228 Rhein- 72
– Dirk 47167 Am Sandberg 18
– Dirk 47279 Vor dem Tore 50
– Doris 47167 Bosch- 8
– Doris 47249 Sternisch- 34
– Doris 47239 Wilhelm- 16
– Dorothea 47138 Eicken- 62
– Dorothea Dr 47051 Fulda- 8
– Dorothea Dr
47058 Prinz-Albrecht- 15
– Edelgard 47259 Fuchsfeldweg 44
– Edeltraud 47139 Monschauer- 20
– Edeltrut 47051 Am Alten Wehrgang 8
– Edgar 47167 Wittmann- 7
– Edith 47249 Gürzenich- 2
– Edith 47249 Marburger- 25
– Egon 47169 Niers- 11
– Ehrenfried 47169 Grotekamp 7
– Elfriede 47259 Baerler- 12
– Elfriede 47226 Hölderlin- 28
– Elfriede 47198 Pattberg- 1
– Elfriede 47051 Stresemann- 59
– Elisabeth 47228 Bach- 30
– Elisabeth 47198 Friedrich-Ebert- 64
– Elisabeth 47057 Graben- 121
– Elisabeth 47055 Sperlingsgasse 37
– Elisabeth 47198 Wilhelm- 33
– Elisabeth 47119 Im Rheinufer Ring 19
– Elke 47059 Polsener- 12
– Ellen 47239 An den Siffen 34
– Ellen 47269 Waldbrenweg 36
– Elli 47138 Albrecht- 68a
– Elli 47058 Schreiber- 2
– Elsa 47138 Wiesbadener- 42
Firmen, Gewerbebetriebe usw. nach Namen – siehe gelber Teil	A-DU
